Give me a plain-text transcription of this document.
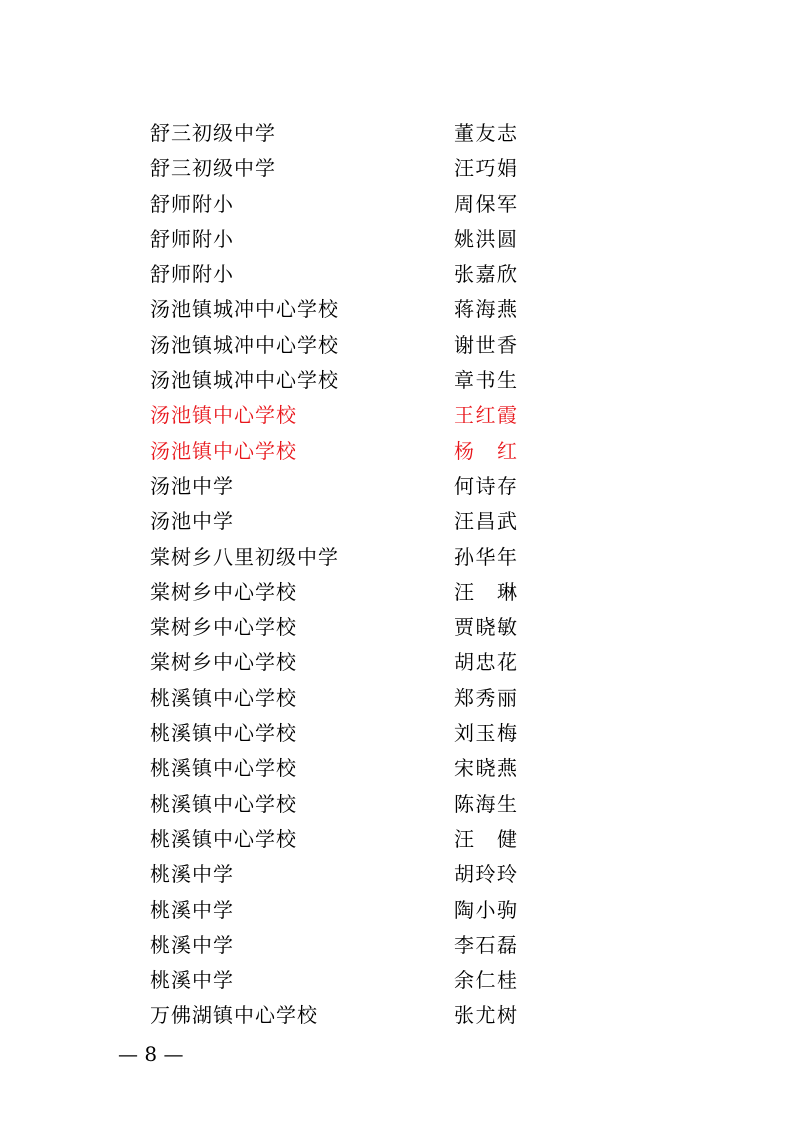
舒三初级中学	董友志
舒三初级中学	汪巧娟
舒师附小	周保军
舒师附小	姚洪圆
舒师附小	张嘉欣
汤池镇城冲中心学校	蒋海燕
汤池镇城冲中心学校	谢世香
汤池镇城冲中心学校	章书生
汤池镇中心学校	王红霞
汤池镇中心学校	杨　红
汤池中学	何诗存
汤池中学	汪昌武
棠树乡八里初级中学	孙华年
棠树乡中心学校	汪　琳
棠树乡中心学校	贾晓敏
棠树乡中心学校	胡忠花
桃溪镇中心学校	郑秀丽
桃溪镇中心学校	刘玉梅
桃溪镇中心学校	宋晓燕
桃溪镇中心学校	陈海生
桃溪镇中心学校	汪　健
桃溪中学	胡玲玲
桃溪中学	陶小驹
桃溪中学	李石磊
桃溪中学	余仁桂
万佛湖镇中心学校	张尤树
— 8 —
